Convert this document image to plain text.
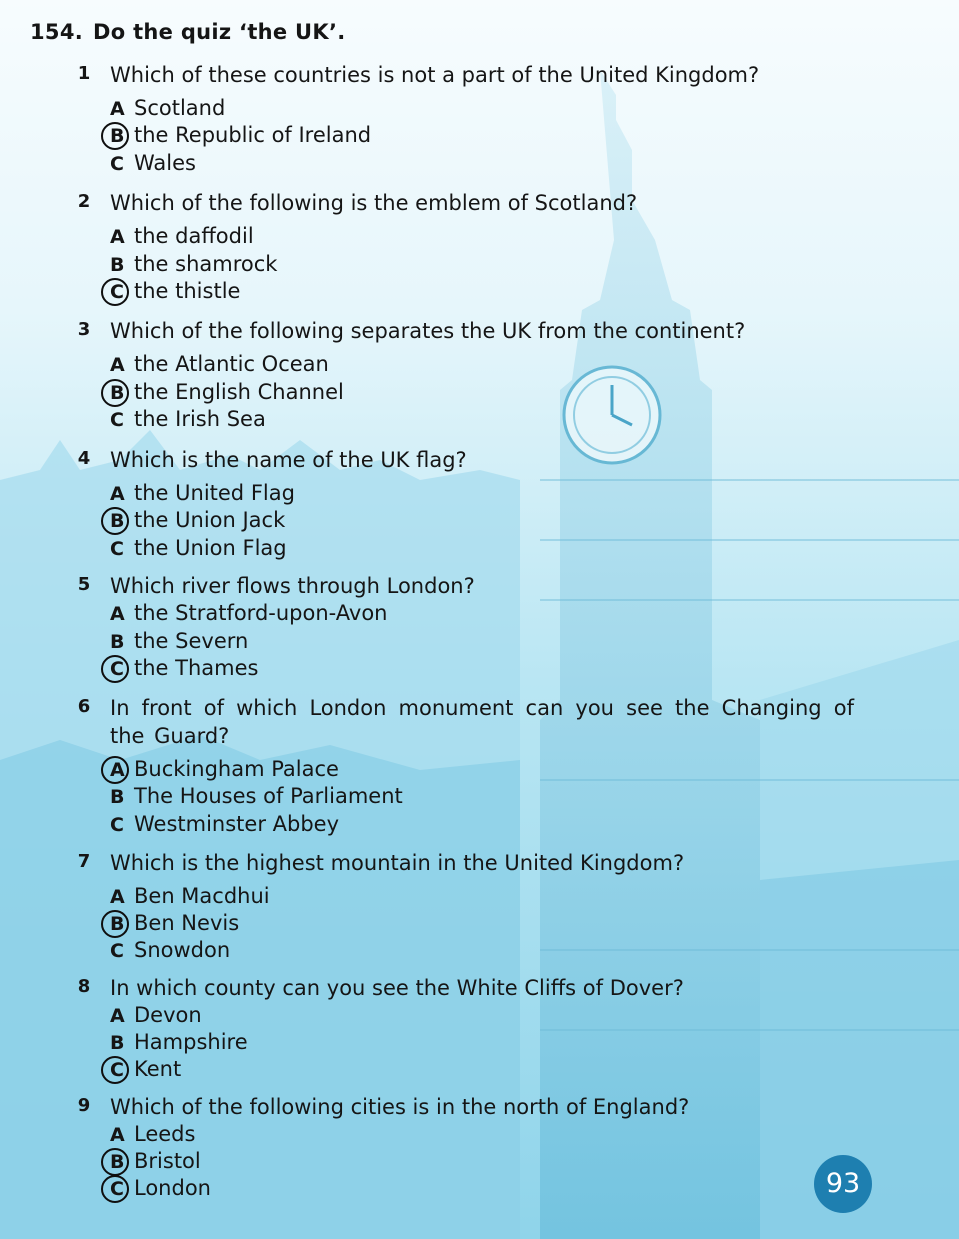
154. Do the quiz ‘the UK’.
1 Which of these countries is not a part of the United Kingdom?
A Scotland
B the Republic of Ireland
C Wales
2 Which of the following is the emblem of Scotland?
A the daffodil
B the shamrock
C the thistle
3 Which of the following separates the UK from the continent?
A the Atlantic Ocean
B the English Channel
C the Irish Sea
4 Which is the name of the UK flag?
A the United Flag
B the Union Jack
C the Union Flag
5 Which river flows through London?
A the Stratford-upon-Avon
B the Severn
C the Thames
6 In front of which London monument can you see the Changing of the Guard?
A Buckingham Palace
B The Houses of Parliament
C Westminster Abbey
7 Which is the highest mountain in the United Kingdom?
A Ben Macdhui
B Ben Nevis
C Snowdon
8 In which county can you see the White Cliffs of Dover?
A Devon
B Hampshire
C Kent
9 Which of the following cities is in the north of England?
A Leeds
B Bristol
C London	93
